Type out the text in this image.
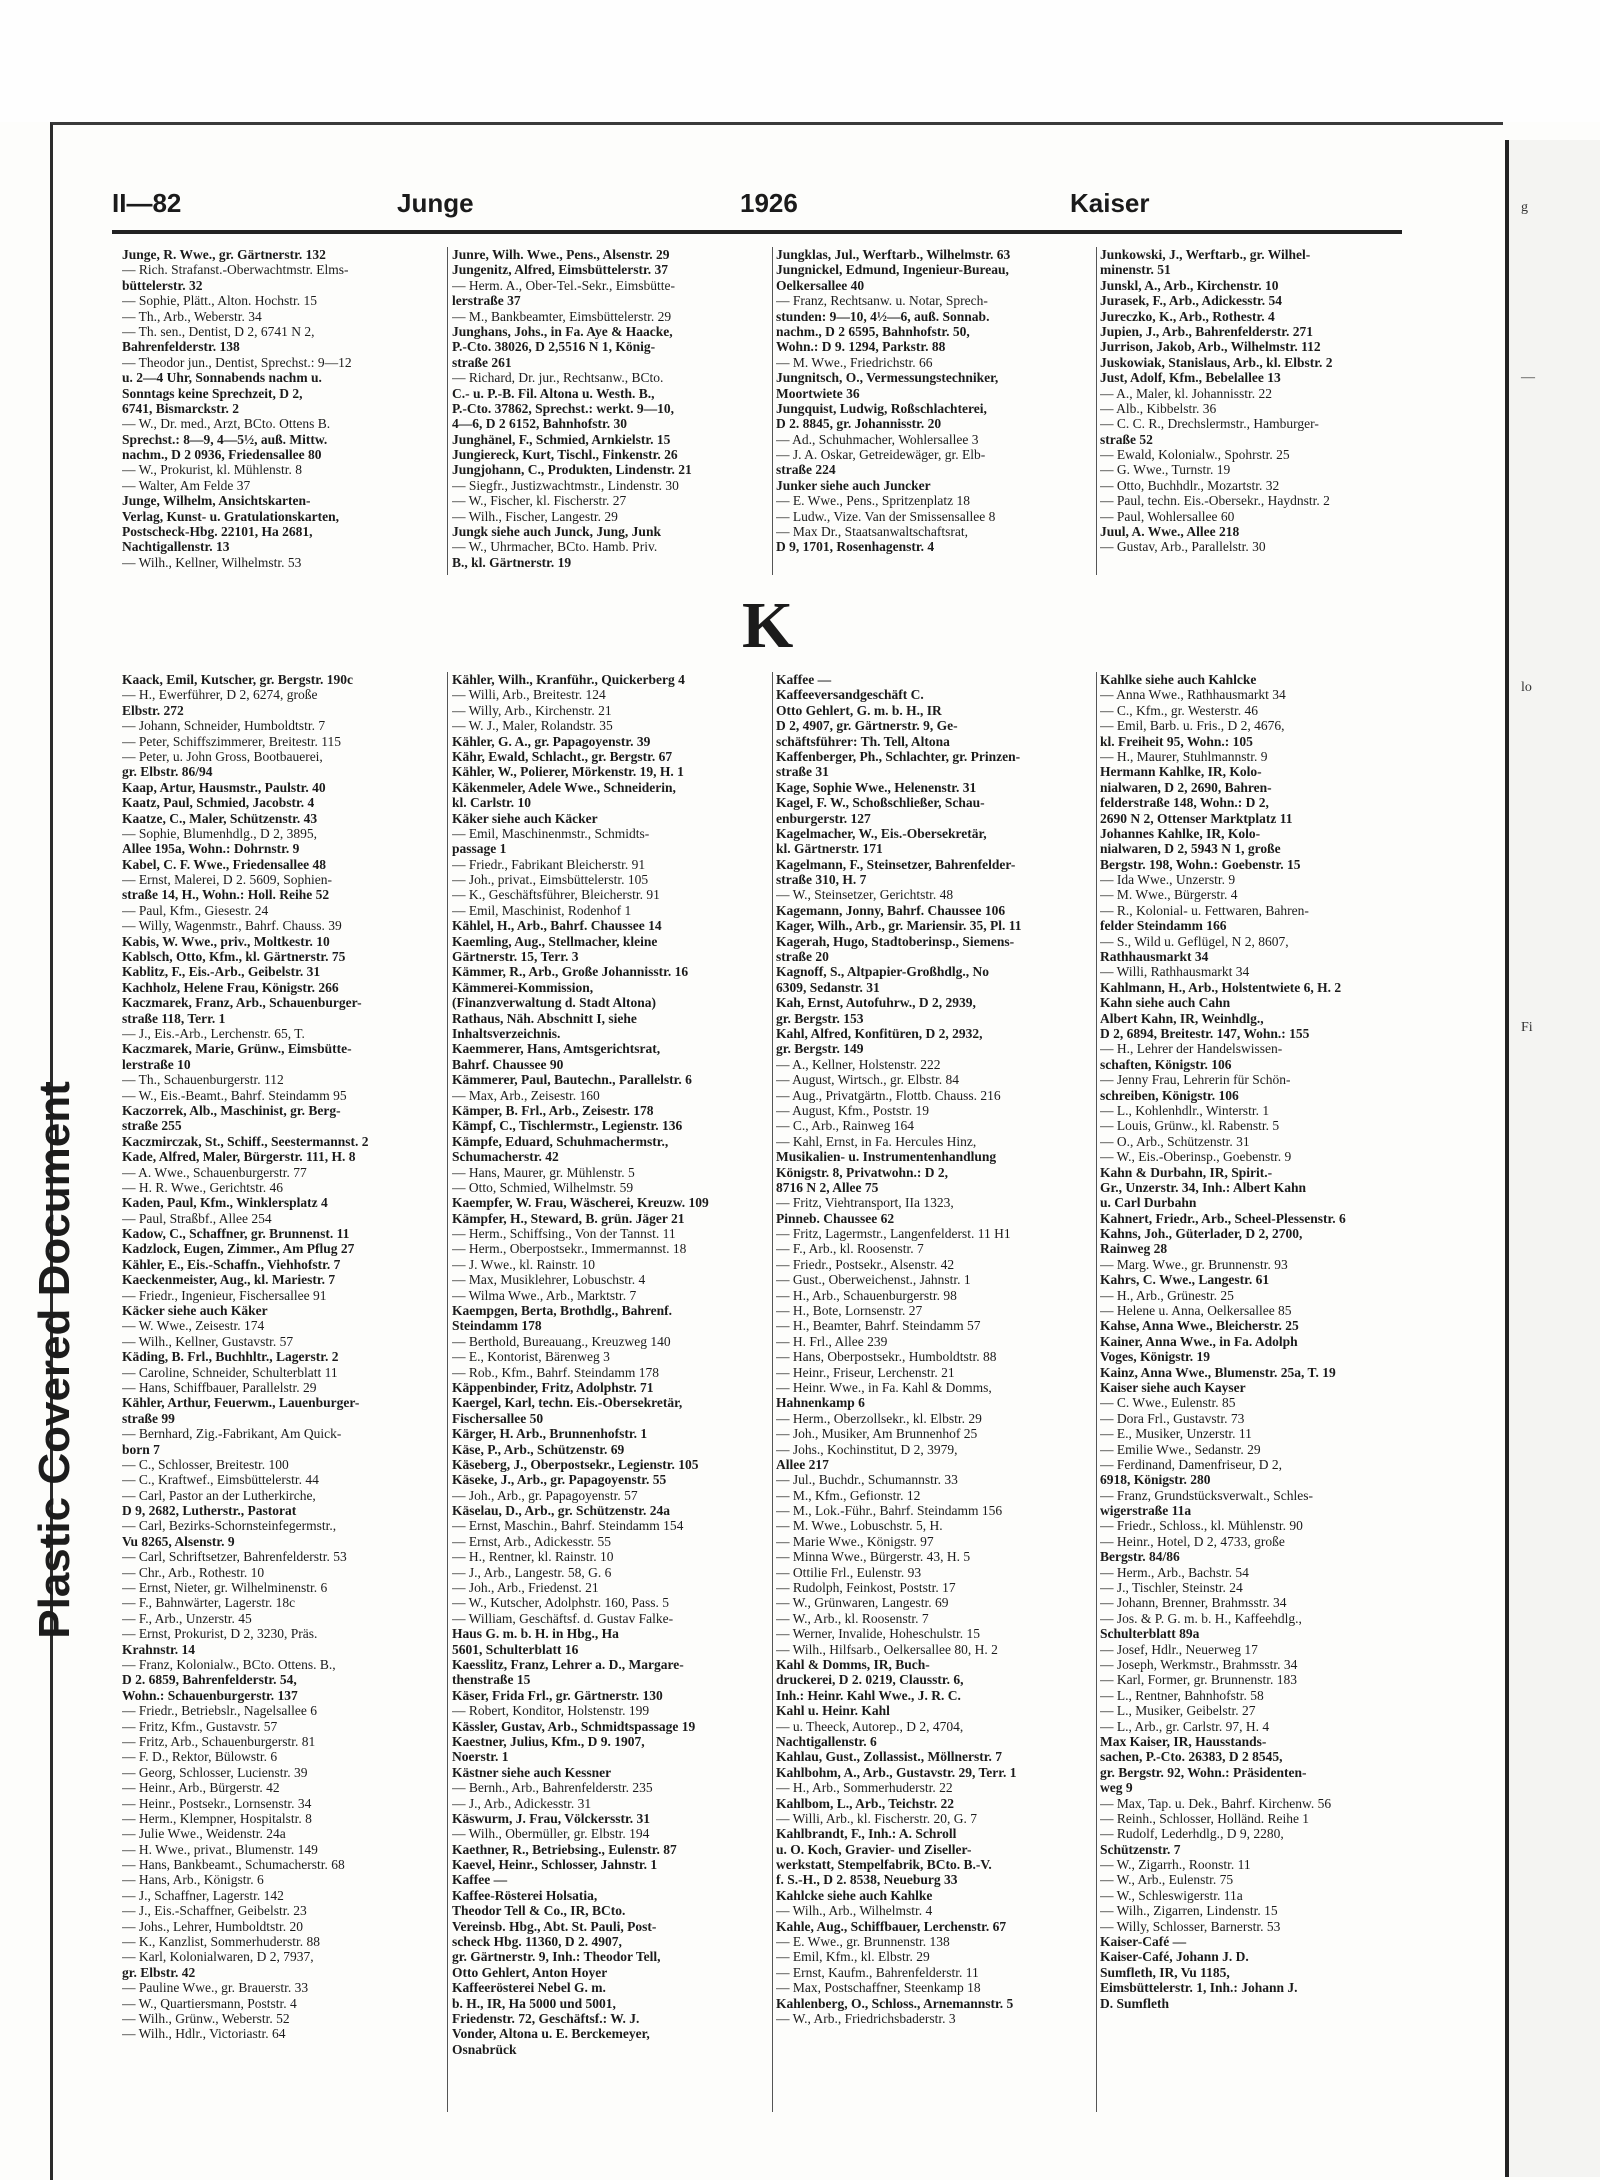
g
—
lo
Fi
Plastic Covered Document
II—82	Junge	1926	Kaiser
Junge, R. Wwe., gr. Gärtnerstr. 132
— Rich. Strafanst.-Oberwachtmstr. Elms-
büttelerstr. 32
— Sophie, Plätt., Alton. Hochstr. 15
— Th., Arb., Weberstr. 34
— Th. sen., Dentist, D 2, 6741 N 2,
Bahrenfelderstr. 138
— Theodor jun., Dentist, Sprechst.: 9—12
u. 2—4 Uhr, Sonnabends nachm u.
Sonntags keine Sprechzeit, D 2,
6741, Bismarckstr. 2
— W., Dr. med., Arzt, BCto. Ottens B.
Sprechst.: 8—9, 4—5½, auß. Mittw.
nachm., D 2 0936, Friedensallee 80
— W., Prokurist, kl. Mühlenstr. 8
— Walter, Am Felde 37
Junge, Wilhelm, Ansichtskarten-
Verlag, Kunst- u. Gratulationskarten,
Postscheck-Hbg. 22101, Ha 2681,
Nachtigallenstr. 13
— Wilh., Kellner, Wilhelmstr. 53
Junre, Wilh. Wwe., Pens., Alsenstr. 29
Jungenitz, Alfred, Eimsbüttelerstr. 37
— Herm. A., Ober-Tel.-Sekr., Eimsbütte-
lerstraße 37
— M., Bankbeamter, Eimsbüttelerstr. 29
Junghans, Johs., in Fa. Aye & Haacke,
P.-Cto. 38026, D 2,5516 N 1, König-
straße 261
— Richard, Dr. jur., Rechtsanw., BCto.
C.- u. P.-B. Fil. Altona u. Westh. B.,
P.-Cto. 37862, Sprechst.: werkt. 9—10,
4—6, D 2 6152, Bahnhofstr. 30
Junghänel, F., Schmied, Arnkielstr. 15
Jungiereck, Kurt, Tischl., Finkenstr. 26
Jungjohann, C., Produkten, Lindenstr. 21
— Siegfr., Justizwachtmstr., Lindenstr. 30
— W., Fischer, kl. Fischerstr. 27
— Wilh., Fischer, Langestr. 29
Jungk siehe auch Junck, Jung, Junk
— W., Uhrmacher, BCto. Hamb. Priv.
B., kl. Gärtnerstr. 19
Jungklas, Jul., Werftarb., Wilhelmstr. 63
Jungnickel, Edmund, Ingenieur-Bureau,
Oelkersallee 40
— Franz, Rechtsanw. u. Notar, Sprech-
stunden: 9—10, 4½—6, auß. Sonnab.
nachm., D 2 6595, Bahnhofstr. 50,
Wohn.: D 9. 1294, Parkstr. 88
— M. Wwe., Friedrichstr. 66
Jungnitsch, O., Vermessungstechniker,
Moortwiete 36
Jungquist, Ludwig, Roßschlachterei,
D 2. 8845, gr. Johannisstr. 20
— Ad., Schuhmacher, Wohlersallee 3
— J. A. Oskar, Getreidewäger, gr. Elb-
straße 224
Junker siehe auch Juncker
— E. Wwe., Pens., Spritzenplatz 18
— Ludw., Vize. Van der Smissensallee 8
— Max Dr., Staatsanwaltschaftsrat,
D 9, 1701, Rosenhagenstr. 4
Junkowski, J., Werftarb., gr. Wilhel-
minenstr. 51
Junskl, A., Arb., Kirchenstr. 10
Jurasek, F., Arb., Adickesstr. 54
Jureczko, K., Arb., Rothestr. 4
Jupien, J., Arb., Bahrenfelderstr. 271
Jurrison, Jakob, Arb., Wilhelmstr. 112
Juskowiak, Stanislaus, Arb., kl. Elbstr. 2
Just, Adolf, Kfm., Bebelallee 13
— A., Maler, kl. Johannisstr. 22
— Alb., Kibbelstr. 36
— C. C. R., Drechslermstr., Hamburger-
straße 52
— Ewald, Kolonialw., Spohrstr. 25
— G. Wwe., Turnstr. 19
— Otto, Buchhdlr., Mozartstr. 32
— Paul, techn. Eis.-Obersekr., Haydnstr. 2
— Paul, Wohlersallee 60
Juul, A. Wwe., Allee 218
— Gustav, Arb., Parallelstr. 30
K
Kaack, Emil, Kutscher, gr. Bergstr. 190c
— H., Ewerführer, D 2, 6274, große
Elbstr. 272
— Johann, Schneider, Humboldtstr. 7
— Peter, Schiffszimmerer, Breitestr. 115
— Peter, u. John Gross, Bootbauerei,
gr. Elbstr. 86/94
Kaap, Artur, Hausmstr., Paulstr. 40
Kaatz, Paul, Schmied, Jacobstr. 4
Kaatze, C., Maler, Schützenstr. 43
— Sophie, Blumenhdlg., D 2, 3895,
Allee 195a, Wohn.: Dohrnstr. 9
Kabel, C. F. Wwe., Friedensallee 48
— Ernst, Malerei, D 2. 5609, Sophien-
straße 14, H., Wohn.: Holl. Reihe 52
— Paul, Kfm., Giesestr. 24
— Willy, Wagenmstr., Bahrf. Chauss. 39
Kabis, W. Wwe., priv., Moltkestr. 10
Kablsch, Otto, Kfm., kl. Gärtnerstr. 75
Kablitz, F., Eis.-Arb., Geibelstr. 31
Kachholz, Helene Frau, Königstr. 266
Kaczmarek, Franz, Arb., Schauenburger-
straße 118, Terr. 1
— J., Eis.-Arb., Lerchenstr. 65, T.
Kaczmarek, Marie, Grünw., Eimsbütte-
lerstraße 10
— Th., Schauenburgerstr. 112
— W., Eis.-Beamt., Bahrf. Steindamm 95
Kaczorrek, Alb., Maschinist, gr. Berg-
straße 255
Kaczmirczak, St., Schiff., Seestermannst. 2
Kade, Alfred, Maler, Bürgerstr. 111, H. 8
— A. Wwe., Schauenburgerstr. 77
— H. R. Wwe., Gerichtstr. 46
Kaden, Paul, Kfm., Winklersplatz 4
— Paul, Straßbf., Allee 254
Kadow, C., Schaffner, gr. Brunnenst. 11
Kadzlock, Eugen, Zimmer., Am Pflug 27
Kähler, E., Eis.-Schaffn., Viehhofstr. 7
Kaeckenmeister, Aug., kl. Mariestr. 7
— Friedr., Ingenieur, Fischersallee 91
Käcker siehe auch Käker
— W. Wwe., Zeisestr. 174
— Wilh., Kellner, Gustavstr. 57
Käding, B. Frl., Buchhltr., Lagerstr. 2
— Caroline, Schneider, Schulterblatt 11
— Hans, Schiffbauer, Parallelstr. 29
Kähler, Arthur, Feuerwm., Lauenburger-
straße 99
— Bernhard, Zig.-Fabrikant, Am Quick-
born 7
— C., Schlosser, Breitestr. 100
— C., Kraftwef., Eimsbüttelerstr. 44
— Carl, Pastor an der Lutherkirche,
D 9, 2682, Lutherstr., Pastorat
— Carl, Bezirks-Schornsteinfegermstr.,
Vu 8265, Alsenstr. 9
— Carl, Schriftsetzer, Bahrenfelderstr. 53
— Chr., Arb., Rothestr. 10
— Ernst, Nieter, gr. Wilhelminenstr. 6
— F., Bahnwärter, Lagerstr. 18c
— F., Arb., Unzerstr. 45
— Ernst, Prokurist, D 2, 3230, Präs.
Krahnstr. 14
— Franz, Kolonialw., BCto. Ottens. B.,
D 2. 6859, Bahrenfelderstr. 54,
Wohn.: Schauenburgerstr. 137
— Friedr., Betriebslr., Nagelsallee 6
— Fritz, Kfm., Gustavstr. 57
— Fritz, Arb., Schauenburgerstr. 81
— F. D., Rektor, Bülowstr. 6
— Georg, Schlosser, Lucienstr. 39
— Heinr., Arb., Bürgerstr. 42
— Heinr., Postsekr., Lornsenstr. 34
— Herm., Klempner, Hospitalstr. 8
— Julie Wwe., Weidenstr. 24a
— H. Wwe., privat., Blumenstr. 149
— Hans, Bankbeamt., Schumacherstr. 68
— Hans, Arb., Königstr. 6
— J., Schaffner, Lagerstr. 142
— J., Eis.-Schaffner, Geibelstr. 23
— Johs., Lehrer, Humboldtstr. 20
— K., Kanzlist, Sommerhuderstr. 88
— Karl, Kolonialwaren, D 2, 7937,
gr. Elbstr. 42
— Pauline Wwe., gr. Brauerstr. 33
— W., Quartiersmann, Poststr. 4
— Wilh., Grünw., Weberstr. 52
— Wilh., Hdlr., Victoriastr. 64
Kähler, Wilh., Kranführ., Quickerberg 4
— Willi, Arb., Breitestr. 124
— Willy, Arb., Kirchenstr. 21
— W. J., Maler, Rolandstr. 35
Kähler, G. A., gr. Papagoyenstr. 39
Kähr, Ewald, Schlacht., gr. Bergstr. 67
Kähler, W., Polierer, Mörkenstr. 19, H. 1
Käkenmeler, Adele Wwe., Schneiderin,
kl. Carlstr. 10
Käker siehe auch Käcker
— Emil, Maschinenmstr., Schmidts-
passage 1
— Friedr., Fabrikant Bleicherstr. 91
— Joh., privat., Eimsbüttelerstr. 105
— K., Geschäftsführer, Bleicherstr. 91
— Emil, Maschinist, Rodenhof 1
Kählel, H., Arb., Bahrf. Chaussee 14
Kaemling, Aug., Stellmacher, kleine
Gärtnerstr. 15, Terr. 3
Kämmer, R., Arb., Große Johannisstr. 16
Kämmerei-Kommission,
(Finanzverwaltung d. Stadt Altona)
Rathaus, Näh. Abschnitt I, siehe
Inhaltsverzeichnis.
Kaemmerer, Hans, Amtsgerichtsrat,
Bahrf. Chaussee 90
Kämmerer, Paul, Bautechn., Parallelstr. 6
— Max, Arb., Zeisestr. 160
Kämper, B. Frl., Arb., Zeisestr. 178
Kämpf, C., Tischlermstr., Legienstr. 136
Kämpfe, Eduard, Schuhmachermstr.,
Schumacherstr. 42
— Hans, Maurer, gr. Mühlenstr. 5
— Otto, Schmied, Wilhelmstr. 59
Kaempfer, W. Frau, Wäscherei, Kreuzw. 109
Kämpfer, H., Steward, B. grün. Jäger 21
— Herm., Schiffsing., Von der Tannst. 11
— Herm., Oberpostsekr., Immermannst. 18
— J. Wwe., kl. Rainstr. 10
— Max, Musiklehrer, Lobuschstr. 4
— Wilma Wwe., Arb., Marktstr. 7
Kaempgen, Berta, Brothdlg., Bahrenf.
Steindamm 178
— Berthold, Bureauang., Kreuzweg 140
— E., Kontorist, Bärenweg 3
— Rob., Kfm., Bahrf. Steindamm 178
Käppenbinder, Fritz, Adolphstr. 71
Kaergel, Karl, techn. Eis.-Obersekretär,
Fischersallee 50
Kärger, H. Arb., Brunnenhofstr. 1
Käse, P., Arb., Schützenstr. 69
Käseberg, J., Oberpostsekr., Legienstr. 105
Käseke, J., Arb., gr. Papagoyenstr. 55
— Joh., Arb., gr. Papagoyenstr. 57
Käselau, D., Arb., gr. Schützenstr. 24a
— Ernst, Maschin., Bahrf. Steindamm 154
— Ernst, Arb., Adickesstr. 55
— H., Rentner, kl. Rainstr. 10
— J., Arb., Langestr. 58, G. 6
— Joh., Arb., Friedenst. 21
— W., Kutscher, Adolphstr. 160, Pass. 5
— William, Geschäftsf. d. Gustav Falke-
Haus G. m. b. H. in Hbg., Ha
5601, Schulterblatt 16
Kaesslitz, Franz, Lehrer a. D., Margare-
thenstraße 15
Käser, Frida Frl., gr. Gärtnerstr. 130
— Robert, Konditor, Holstenstr. 199
Kässler, Gustav, Arb., Schmidtspassage 19
Kaestner, Julius, Kfm., D 9. 1907,
Noerstr. 1
Kästner siehe auch Kessner
— Bernh., Arb., Bahrenfelderstr. 235
— J., Arb., Adickesstr. 31
Käswurm, J. Frau, Völckersstr. 31
— Wilh., Obermüller, gr. Elbstr. 194
Kaethner, R., Betriebsing., Eulenstr. 87
Kaevel, Heinr., Schlosser, Jahnstr. 1
Kaffee —
Kaffee-Rösterei Holsatia,
Theodor Tell & Co., IR, BCto.
Vereinsb. Hbg., Abt. St. Pauli, Post-
scheck Hbg. 11360, D 2. 4907,
gr. Gärtnerstr. 9, Inh.: Theodor Tell,
Otto Gehlert, Anton Hoyer
Kaffeerösterei Nebel G. m.
b. H., IR, Ha 5000 und 5001,
Friedenstr. 72, Geschäftsf.: W. J.
Vonder, Altona u. E. Berckemeyer,
Osnabrück
Kaffee —
Kaffeeversandgeschäft C.
Otto Gehlert, G. m. b. H., IR
D 2, 4907, gr. Gärtnerstr. 9, Ge-
schäftsführer: Th. Tell, Altona
Kaffenberger, Ph., Schlachter, gr. Prinzen-
straße 31
Kage, Sophie Wwe., Helenenstr. 31
Kagel, F. W., Schoßschließer, Schau-
enburgerstr. 127
Kagelmacher, W., Eis.-Obersekretär,
kl. Gärtnerstr. 171
Kagelmann, F., Steinsetzer, Bahrenfelder-
straße 310, H. 7
— W., Steinsetzer, Gerichtstr. 48
Kagemann, Jonny, Bahrf. Chaussee 106
Kager, Wilh., Arb., gr. Mariensir. 35, Pl. 11
Kagerah, Hugo, Stadtoberinsp., Siemens-
straße 20
Kagnoff, S., Altpapier-Großhdlg., No
6309, Sedanstr. 31
Kah, Ernst, Autofuhrw., D 2, 2939,
gr. Bergstr. 153
Kahl, Alfred, Konfitüren, D 2, 2932,
gr. Bergstr. 149
— A., Kellner, Holstenstr. 222
— August, Wirtsch., gr. Elbstr. 84
— Aug., Privatgärtn., Flottb. Chauss. 216
— August, Kfm., Poststr. 19
— C., Arb., Rainweg 164
— Kahl, Ernst, in Fa. Hercules Hinz,
Musikalien- u. Instrumentenhandlung
Königstr. 8, Privatwohn.: D 2,
8716 N 2, Allee 75
— Fritz, Viehtransport, IIa 1323,
Pinneb. Chaussee 62
— Fritz, Lagermstr., Langenfelderst. 11 H1
— F., Arb., kl. Roosenstr. 7
— Friedr., Postsekr., Alsenstr. 42
— Gust., Oberweichenst., Jahnstr. 1
— H., Arb., Schauenburgerstr. 98
— H., Bote, Lornsenstr. 27
— H., Beamter, Bahrf. Steindamm 57
— H. Frl., Allee 239
— Hans, Oberpostsekr., Humboldtstr. 88
— Heinr., Friseur, Lerchenstr. 21
— Heinr. Wwe., in Fa. Kahl & Domms,
Hahnenkamp 6
— Herm., Oberzollsekr., kl. Elbstr. 29
— Joh., Musiker, Am Brunnenhof 25
— Johs., Kochinstitut, D 2, 3979,
Allee 217
— Jul., Buchdr., Schumannstr. 33
— M., Kfm., Gefionstr. 12
— M., Lok.-Führ., Bahrf. Steindamm 156
— M. Wwe., Lobuschstr. 5, H.
— Marie Wwe., Königstr. 97
— Minna Wwe., Bürgerstr. 43, H. 5
— Ottilie Frl., Eulenstr. 93
— Rudolph, Feinkost, Poststr. 17
— W., Grünwaren, Langestr. 69
— W., Arb., kl. Roosenstr. 7
— Werner, Invalide, Hoheschulstr. 15
— Wilh., Hilfsarb., Oelkersallee 80, H. 2
Kahl & Domms, IR, Buch-
druckerei, D 2. 0219, Clausstr. 6,
Inh.: Heinr. Kahl Wwe., J. R. C.
Kahl u. Heinr. Kahl
— u. Theeck, Autorep., D 2, 4704,
Nachtigallenstr. 6
Kahlau, Gust., Zollassist., Möllnerstr. 7
Kahlbohm, A., Arb., Gustavstr. 29, Terr. 1
— H., Arb., Sommerhuderstr. 22
Kahlbom, L., Arb., Teichstr. 22
— Willi, Arb., kl. Fischerstr. 20, G. 7
Kahlbrandt, F., Inh.: A. Schroll
u. O. Koch, Gravier- und Ziseller-
werkstatt, Stempelfabrik, BCto. B.-V.
f. S.-H., D 2. 8538, Neueburg 33
Kahlcke siehe auch Kahlke
— Wilh., Arb., Wilhelmstr. 4
Kahle, Aug., Schiffbauer, Lerchenstr. 67
— E. Wwe., gr. Brunnenstr. 138
— Emil, Kfm., kl. Elbstr. 29
— Ernst, Kaufm., Bahrenfelderstr. 11
— Max, Postschaffner, Steenkamp 18
Kahlenberg, O., Schloss., Arnemannstr. 5
— W., Arb., Friedrichsbaderstr. 3
Kahlke siehe auch Kahlcke
— Anna Wwe., Rathhausmarkt 34
— C., Kfm., gr. Westerstr. 46
— Emil, Barb. u. Fris., D 2, 4676,
kl. Freiheit 95, Wohn.: 105
— H., Maurer, Stuhlmannstr. 9
Hermann Kahlke, IR, Kolo-
nialwaren, D 2, 2690, Bahren-
felderstraße 148, Wohn.: D 2,
2690 N 2, Ottenser Marktplatz 11
Johannes Kahlke, IR, Kolo-
nialwaren, D 2, 5943 N 1, große
Bergstr. 198, Wohn.: Goebenstr. 15
— Ida Wwe., Unzerstr. 9
— M. Wwe., Bürgerstr. 4
— R., Kolonial- u. Fettwaren, Bahren-
felder Steindamm 166
— S., Wild u. Geflügel, N 2, 8607,
Rathhausmarkt 34
— Willi, Rathhausmarkt 34
Kahlmann, H., Arb., Holstentwiete 6, H. 2
Kahn siehe auch Cahn
Albert Kahn, IR, Weinhdlg.,
D 2, 6894, Breitestr. 147, Wohn.: 155
— H., Lehrer der Handelswissen-
schaften, Königstr. 106
— Jenny Frau, Lehrerin für Schön-
schreiben, Königstr. 106
— L., Kohlenhdlr., Winterstr. 1
— Louis, Grünw., kl. Rabenstr. 5
— O., Arb., Schützenstr. 31
— W., Eis.-Oberinsp., Goebenstr. 9
Kahn & Durbahn, IR, Spirit.-
Gr., Unzerstr. 34, Inh.: Albert Kahn
u. Carl Durbahn
Kahnert, Friedr., Arb., Scheel-Plessenstr. 6
Kahns, Joh., Güterlader, D 2, 2700,
Rainweg 28
— Marg. Wwe., gr. Brunnenstr. 93
Kahrs, C. Wwe., Langestr. 61
— H., Arb., Grünestr. 25
— Helene u. Anna, Oelkersallee 85
Kahse, Anna Wwe., Bleicherstr. 25
Kainer, Anna Wwe., in Fa. Adolph
Voges, Königstr. 19
Kainz, Anna Wwe., Blumenstr. 25a, T. 19
Kaiser siehe auch Kayser
— C. Wwe., Eulenstr. 85
— Dora Frl., Gustavstr. 73
— E., Musiker, Unzerstr. 11
— Emilie Wwe., Sedanstr. 29
— Ferdinand, Damenfriseur, D 2,
6918, Königstr. 280
— Franz, Grundstücksverwalt., Schles-
wigerstraße 11a
— Friedr., Schloss., kl. Mühlenstr. 90
— Heinr., Hotel, D 2, 4733, große
Bergstr. 84/86
— Herm., Arb., Bachstr. 54
— J., Tischler, Steinstr. 24
— Johann, Brenner, Brahmsstr. 34
— Jos. & P. G. m. b. H., Kaffeehdlg.,
Schulterblatt 89a
— Josef, Hdlr., Neuerweg 17
— Joseph, Werkmstr., Brahmsstr. 34
— Karl, Former, gr. Brunnenstr. 183
— L., Rentner, Bahnhofstr. 58
— L., Musiker, Geibelstr. 27
— L., Arb., gr. Carlstr. 97, H. 4
Max Kaiser, IR, Hausstands-
sachen, P.-Cto. 26383, D 2 8545,
gr. Bergstr. 92, Wohn.: Präsidenten-
weg 9
— Max, Tap. u. Dek., Bahrf. Kirchenw. 56
— Reinh., Schlosser, Holländ. Reihe 1
— Rudolf, Lederhdlg., D 9, 2280,
Schützenstr. 7
— W., Zigarrh., Roonstr. 11
— W., Arb., Eulenstr. 75
— W., Schleswigerstr. 11a
— Wilh., Zigarren, Lindenstr. 15
— Willy, Schlosser, Barnerstr. 53
Kaiser-Café —
Kaiser-Café, Johann J. D.
Sumfleth, IR, Vu 1185,
Eimsbüttelerstr. 1, Inh.: Johann J.
D. Sumfleth
